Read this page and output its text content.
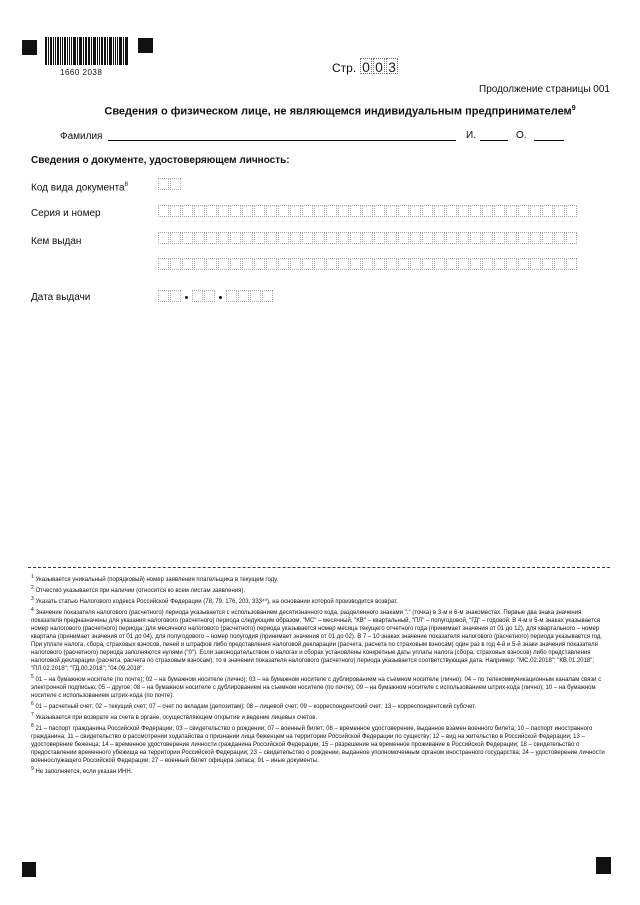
1660 2038	Стр. 0 0 3
Продолжение страницы 001
Сведения о физическом лице, не являющемся индивидуальным предпринимателем$^9$
Фамилия	И.	О.
Сведения о документе, удостоверяющем личность:
Код вида документа$^8$
Серия и номер
Кем выдан
Дата выдачи

$^1$ Указывается уникальный (порядковый) номер заявления плательщика в текущем году.

$^2$ Отчество указывается при наличии (относится ко всем листам заявления).

$^3$ Указать статью Налогового кодекса Российской Федерации (78, 79, 176, 203, 333⁴⁰), на основании которой производится возврат.

$^4$ Значение показателя налогового (расчетного) периода указывается с использованием десятизначного кода, разделенного знаками "." (точка) в 3-м и 6-м знакоместах. Первые два знака значения показателя предназначены для указания налогового (расчетного) периода следующим образом: "МС" – месячный, "КВ" – квартальный, "ПЛ" – полугодовой, "ГД" – годовой. В 4-м и 5-м знаках указывается номер налогового (расчетного) периода: для месячного налогового (расчетного) периода указывается номер месяца текущего отчетного года (принимает значения от 01 до 12), для квартального – номер квартала (принимает значения от 01 до 04), для полугодового – номер полугодия (принимает значения от 01 до 02). В 7 – 10 знаках значение показателя налогового (расчетного) периода указывается год. При уплате налога, сбора, страховых взносов, пеней и штрафов либо представления налоговой декларации (расчета, расчета по страховым взносам) один раз в год 4-й и 5-й знаки значения показателя налогового (расчетного) периода заполняются нулями ("0"). Если законодательством о налогах и сборах установлены конкретные даты уплаты налога (сбора, страховых взносов) либо представления налоговой декларации (расчета, расчета по страховым взносам), то в значении показателя налогового (расчетного) периода указывается соответствующая дата. Например: "МС.02.2018"; "КВ.01.2018"; "ПЛ.02.2018"; "ГД.00.2018"; "04.09.2018".

$^5$ 01 – на бумажном носителе (по почте); 02 – на бумажном носителе (лично); 03 – на бумажном носителе с дублированием на съемном носителе (лично); 04 – по телекоммуникационным каналам связи с электронной подписью; 05 – другое; 08 – на бумажном носителе с дублированием на съемном носителе (по почте); 09 – на бумажном носителе с использованием штрих-кода (лично); 10 – на бумажном носителе с использованием штрих-кода (по почте).

$^6$ 01 – расчетный счет; 02 – текущий счет; 07 – счет по вкладам (депозитам); 08 – лицевой счет; 09 – корреспондентский счет; 13 – корреспондентский субсчет.

$^7$ Указывается при возврате на счета в органе, осуществляющем открытие и ведение лицевых счетов.

$^8$ 21 – паспорт гражданина Российской Федерации; 03 – свидетельство о рождении; 07 – военный билет; 08 – временное удостоверение, выданное взамен военного билета; 10 – паспорт иностранного гражданина; 11 – свидетельство о рассмотрении ходатайства о признании лица беженцем на территории Российской Федерации по существу; 12 – вид на жительство в Российской Федерации; 13 – удостоверение беженца; 14 – временное удостоверение личности гражданина Российской Федерации; 15 – разрешение на временное проживание в Российской Федерации; 18 – свидетельство о предоставлении временного убежища на территории Российской Федерации; 23 – свидетельство о рождении, выданное уполномоченным органом иностранного государства; 24 – удостоверение личности военнослужащего Российской Федерации; 27 – военный билет офицера запаса; 91 – иные документы.

$^9$ Не заполняется, если указан ИНН.
